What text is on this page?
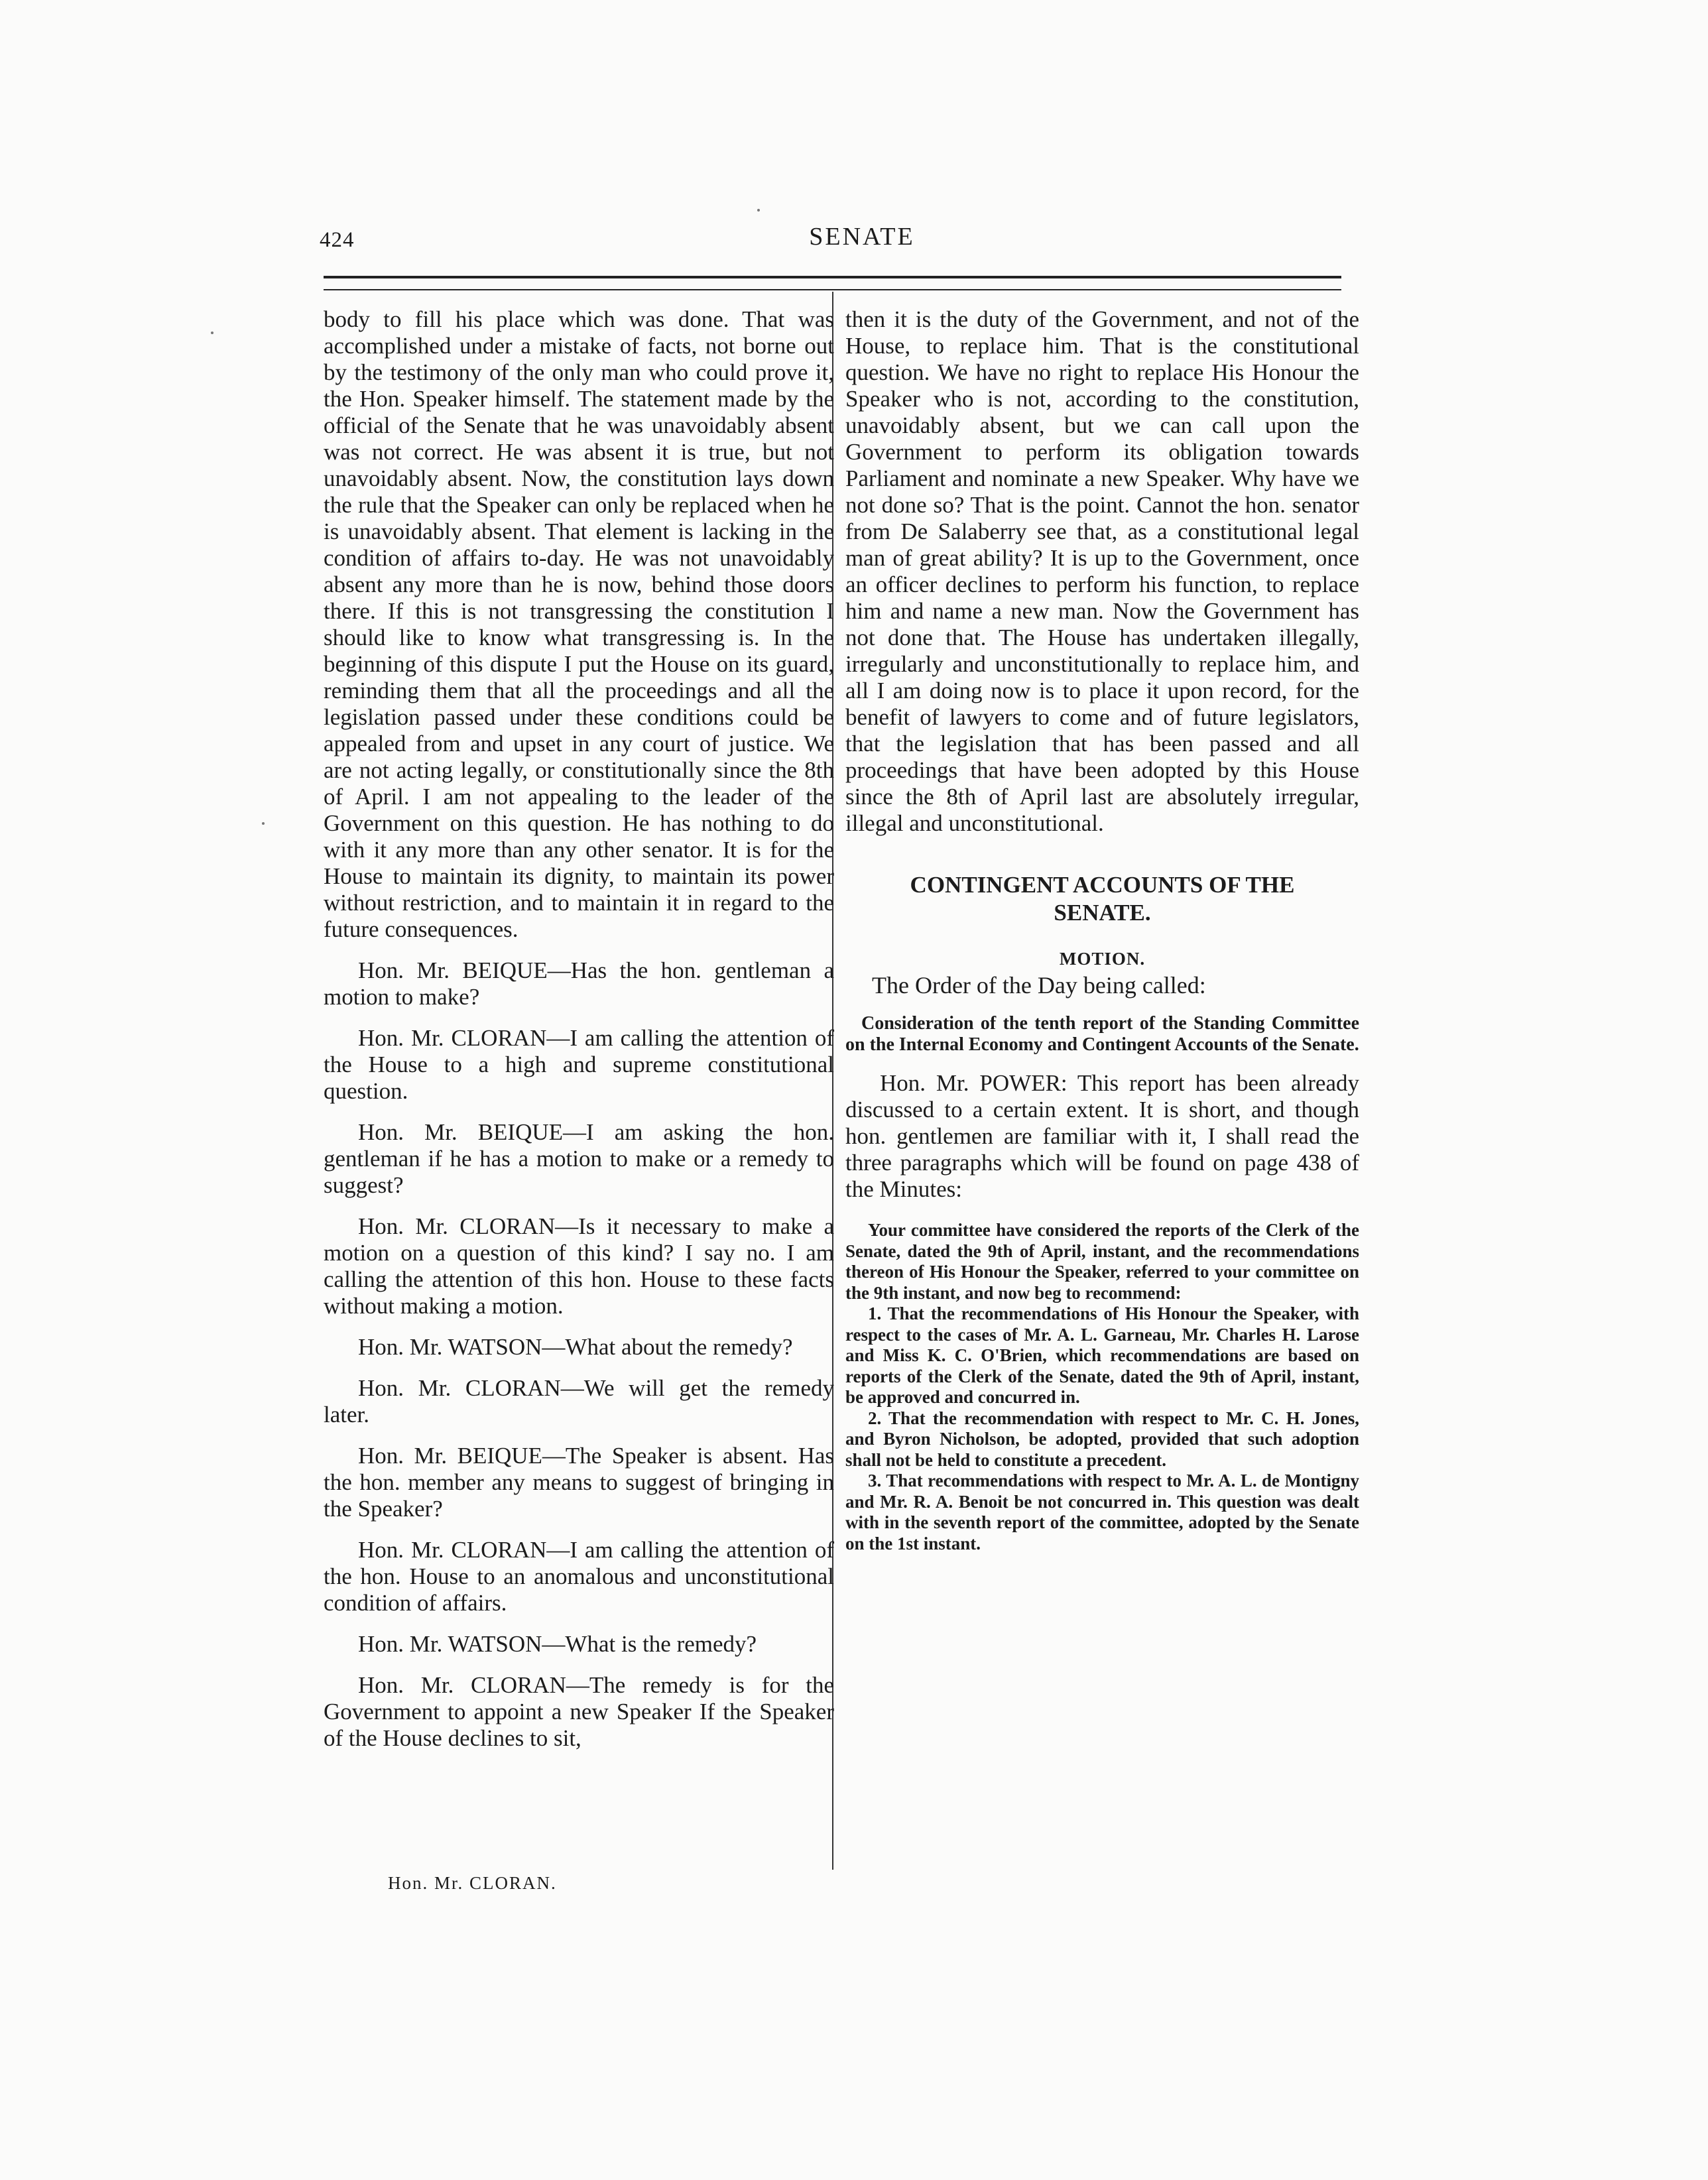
424	SENATE

body to fill his place which was done. That was accomplished under a mistake of facts, not borne out by the testimony of the only man who could prove it, the Hon. Speaker himself. The statement made by the official of the Senate that he was unavoidably absent was not correct. He was absent it is true, but not unavoidably absent. Now, the constitution lays down the rule that the Speaker can only be replaced when he is unavoidably absent. That element is lacking in the condition of affairs to-day. He was not unavoidably absent any more than he is now, behind those doors there. If this is not transgressing the constitution I should like to know what transgressing is. In the beginning of this dispute I put the House on its guard, reminding them that all the proceedings and all the legislation passed under these conditions could be appealed from and upset in any court of justice. We are not acting legally, or constitutionally since the 8th of April. I am not appealing to the leader of the Government on this question. He has nothing to do with it any more than any other senator. It is for the House to maintain its dignity, to maintain its power without restriction, and to maintain it in regard to the future consequences.

Hon. Mr. BEIQUE—Has the hon. gentleman a motion to make?

Hon. Mr. CLORAN—I am calling the attention of the House to a high and supreme constitutional question.

Hon. Mr. BEIQUE—I am asking the hon. gentleman if he has a motion to make or a remedy to suggest?

Hon. Mr. CLORAN—Is it necessary to make a motion on a question of this kind? I say no. I am calling the attention of this hon. House to these facts without making a motion.

Hon. Mr. WATSON—What about the remedy?

Hon. Mr. CLORAN—We will get the remedy later.

Hon. Mr. BEIQUE—The Speaker is absent. Has the hon. member any means to suggest of bringing in the Speaker?

Hon. Mr. CLORAN—I am calling the attention of the hon. House to an anomalous and unconstitutional condition of affairs.

Hon. Mr. WATSON—What is the remedy?

Hon. Mr. CLORAN—The remedy is for the Government to appoint a new Speaker If the Speaker of the House declines to sit,

then it is the duty of the Government, and not of the House, to replace him. That is the constitutional question. We have no right to replace His Honour the Speaker who is not, according to the constitution, unavoidably absent, but we can call upon the Government to perform its obligation towards Parliament and nominate a new Speaker. Why have we not done so? That is the point. Cannot the hon. senator from De Salaberry see that, as a constitutional legal man of great ability? It is up to the Government, once an officer declines to perform his function, to replace him and name a new man. Now the Government has not done that. The House has undertaken illegally, irregularly and unconstitutionally to replace him, and all I am doing now is to place it upon record, for the benefit of lawyers to come and of future legislators, that the legislation that has been passed and all proceedings that have been adopted by this House since the 8th of April last are absolutely irregular, illegal and unconstitutional.

CONTINGENT ACCOUNTS OF THE
SENATE.
MOTION.

The Order of the Day being called:

Consideration of the tenth report of the Standing Committee on the Internal Economy and Contingent Accounts of the Senate.

Hon. Mr. POWER: This report has been already discussed to a certain extent. It is short, and though hon. gentlemen are familiar with it, I shall read the three paragraphs which will be found on page 438 of the Minutes:

Your committee have considered the reports of the Clerk of the Senate, dated the 9th of April, instant, and the recommendations thereon of His Honour the Speaker, referred to your committee on the 9th instant, and now beg to recommend:

1. That the recommendations of His Honour the Speaker, with respect to the cases of Mr. A. L. Garneau, Mr. Charles H. Larose and Miss K. C. O'Brien, which recommendations are based on reports of the Clerk of the Senate, dated the 9th of April, instant, be approved and concurred in.

2. That the recommendation with respect to Mr. C. H. Jones, and Byron Nicholson, be adopted, provided that such adoption shall not be held to constitute a precedent.

3. That recommendations with respect to Mr. A. L. de Montigny and Mr. R. A. Benoit be not concurred in. This question was dealt with in the seventh report of the committee, adopted by the Senate on the 1st instant.

Hon. Mr. CLORAN.
